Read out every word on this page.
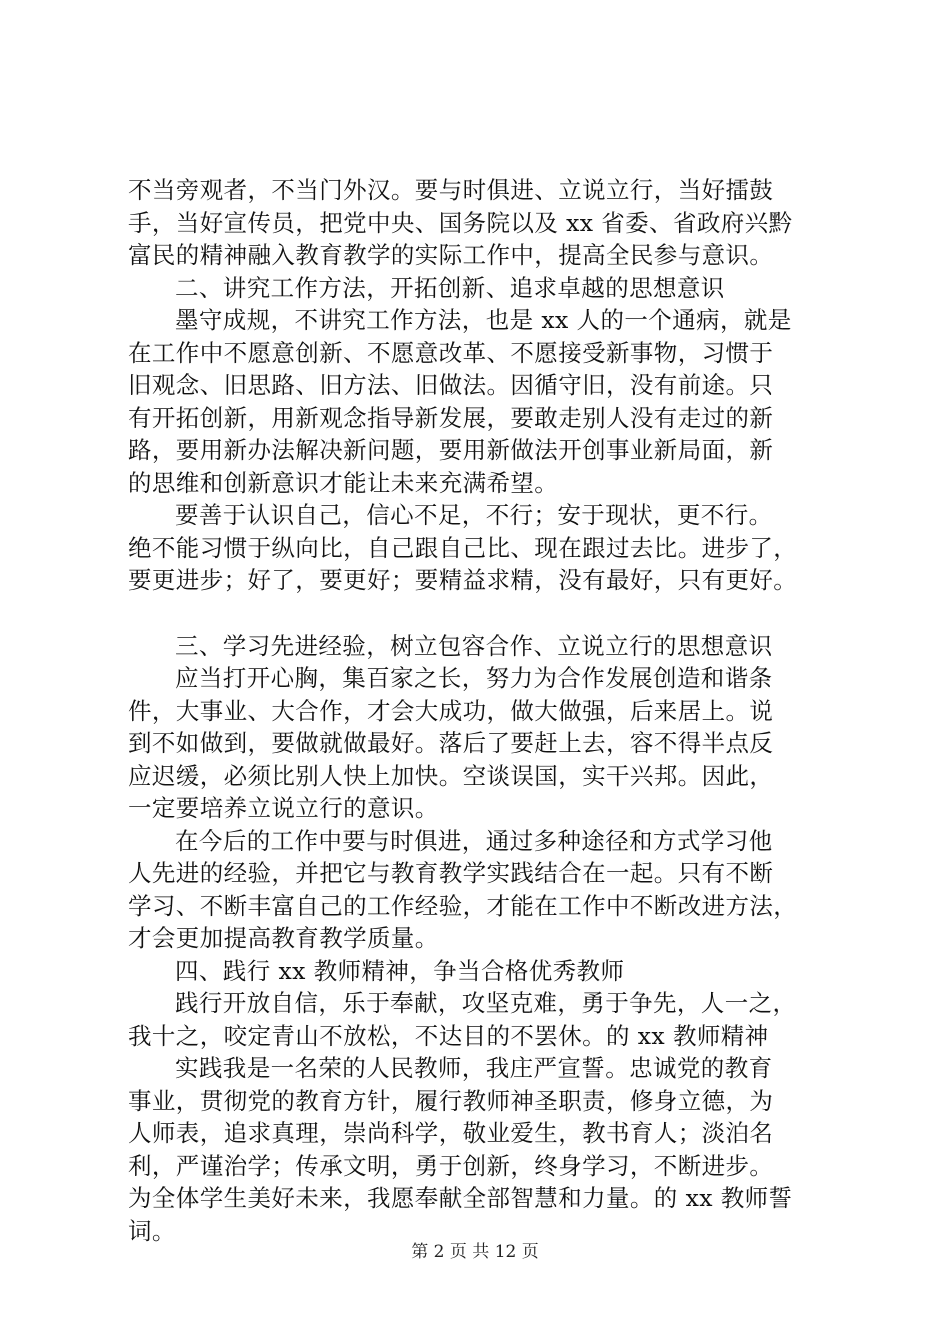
不当旁观者，不当门外汉。要与时俱进、立说立行，当好擂鼓
手，当好宣传员，把党中央、国务院以及 xx 省委、省政府兴黔
富民的精神融入教育教学的实际工作中，提高全民参与意识。
二、讲究工作方法，开拓创新、追求卓越的思想意识
墨守成规，不讲究工作方法，也是 xx 人的一个通病，就是
在工作中不愿意创新、不愿意改革、不愿接受新事物，习惯于
旧观念、旧思路、旧方法、旧做法。因循守旧，没有前途。只
有开拓创新，用新观念指导新发展，要敢走别人没有走过的新
路，要用新办法解决新问题，要用新做法开创事业新局面，新
的思维和创新意识才能让未来充满希望。
要善于认识自己，信心不足，不行；安于现状，更不行。
绝不能习惯于纵向比，自己跟自己比、现在跟过去比。进步了，
要更进步；好了，要更好；要精益求精，没有最好，只有更好。
三、学习先进经验，树立包容合作、立说立行的思想意识
应当打开心胸，集百家之长，努力为合作发展创造和谐条
件，大事业、大合作，才会大成功，做大做强，后来居上。说
到不如做到，要做就做最好。落后了要赶上去，容不得半点反
应迟缓，必须比别人快上加快。空谈误国，实干兴邦。因此，
一定要培养立说立行的意识。
在今后的工作中要与时俱进，通过多种途径和方式学习他
人先进的经验，并把它与教育教学实践结合在一起。只有不断
学习、不断丰富自己的工作经验，才能在工作中不断改进方法，
才会更加提高教育教学质量。
四、践行 xx 教师精神，争当合格优秀教师
践行开放自信，乐于奉献，攻坚克难，勇于争先，人一之，
我十之，咬定青山不放松，不达目的不罢休。的 xx 教师精神
实践我是一名荣的人民教师，我庄严宣誓。忠诚党的教育
事业，贯彻党的教育方针，履行教师神圣职责，修身立德，为
人师表，追求真理，崇尚科学，敬业爱生，教书育人；淡泊名
利，严谨治学；传承文明，勇于创新，终身学习，不断进步。
为全体学生美好未来，我愿奉献全部智慧和力量。的 xx 教师誓
词。
第 2 页 共 12 页
